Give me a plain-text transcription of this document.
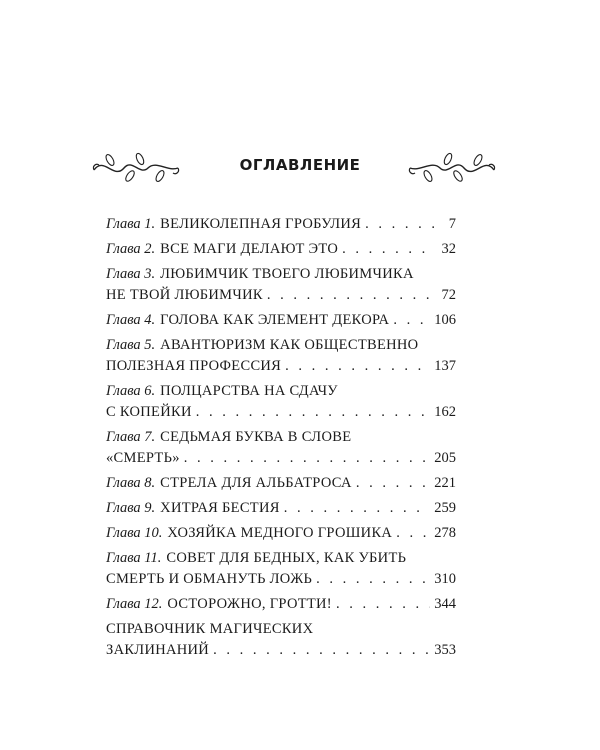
ОГЛАВЛЕНИЕ
Глава 1. ВЕЛИКОЛЕПНАЯ ГРОБУЛИЯ . . .	7
Глава 2. ВСЕ МАГИ ДЕЛАЮТ ЭТО . . .	32
Глава 3. ЛЮБИМЧИК ТВОЕГО ЛЮБИМЧИКА
НЕ ТВОЙ ЛЮБИМЧИК . . .	72
Глава 4. ГОЛОВА КАК ЭЛЕМЕНТ ДЕКОРА . . .	106
Глава 5. АВАНТЮРИЗМ КАК ОБЩЕСТВЕННО
ПОЛЕЗНАЯ ПРОФЕССИЯ . . .	137
Глава 6. ПОЛЦАРСТВА НА СДАЧУ
С КОПЕЙКИ . . .	162
Глава 7. СЕДЬМАЯ БУКВА В СЛОВЕ
«СМЕРТЬ» . . .	205
Глава 8. СТРЕЛА ДЛЯ АЛЬБАТРОСА . . .	221
Глава 9. ХИТРАЯ БЕСТИЯ . . .	259
Глава 10. ХОЗЯЙКА МЕДНОГО ГРОШИКА . . .	278
Глава 11. СОВЕТ ДЛЯ БЕДНЫХ, КАК УБИТЬ
СМЕРТЬ И ОБМАНУТЬ ЛОЖЬ . . .	310
Глава 12. ОСТОРОЖНО, ГРОТТИ! . . .	344
СПРАВОЧНИК МАГИЧЕСКИХ
ЗАКЛИНАНИЙ . . .	353
